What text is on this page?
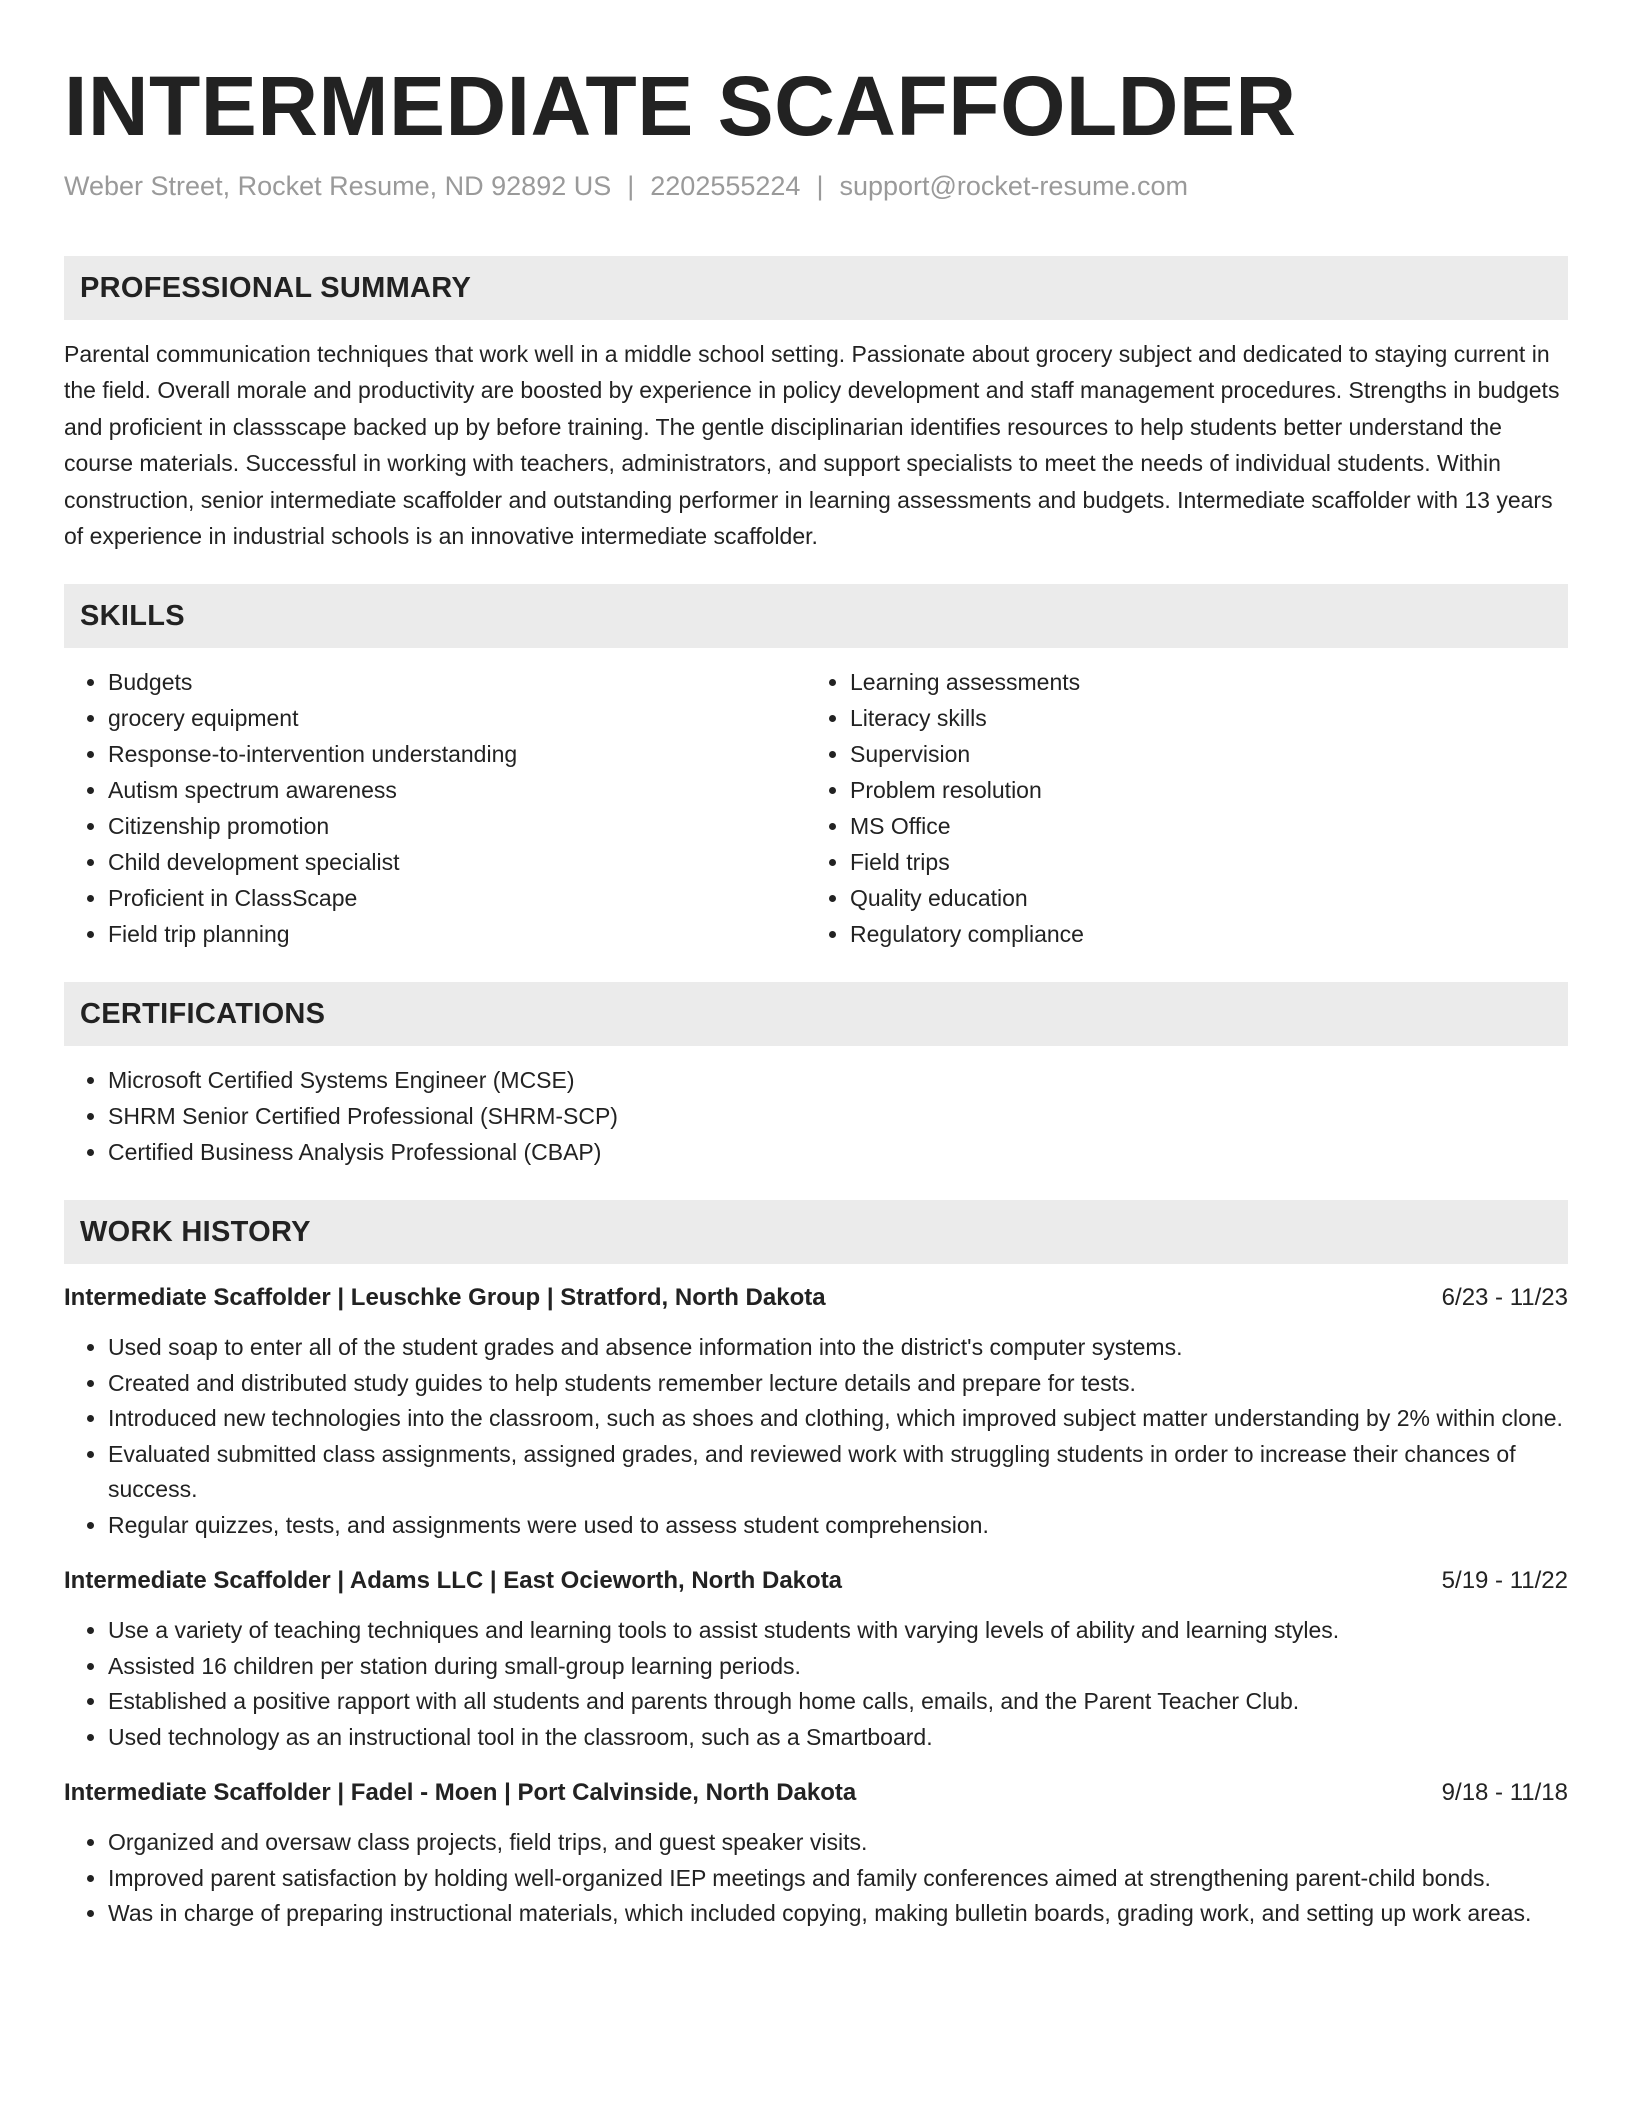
INTERMEDIATE SCAFFOLDER
Weber Street, Rocket Resume, ND 92892 US | 2202555224 | support@rocket-resume.com
PROFESSIONAL SUMMARY

Parental communication techniques that work well in a middle school setting. Passionate about grocery subject and dedicated to staying current in the field. Overall morale and productivity are boosted by experience in policy development and staff management procedures. Strengths in budgets and proficient in classscape backed up by before training. The gentle disciplinarian identifies resources to help students better understand the course materials. Successful in working with teachers, administrators, and support specialists to meet the needs of individual students. Within construction, senior intermediate scaffolder and outstanding performer in learning assessments and budgets. Intermediate scaffolder with 13 years of experience in industrial schools is an innovative intermediate scaffolder.

SKILLS
• Budgets
• grocery equipment
• Response-to-intervention understanding
• Autism spectrum awareness
• Citizenship promotion
• Child development specialist
• Proficient in ClassScape
• Field trip planning
• Learning assessments
• Literacy skills
• Supervision
• Problem resolution
• MS Office
• Field trips
• Quality education
• Regulatory compliance
CERTIFICATIONS
• Microsoft Certified Systems Engineer (MCSE)
• SHRM Senior Certified Professional (SHRM-SCP)
• Certified Business Analysis Professional (CBAP)
WORK HISTORY
Intermediate Scaffolder | Leuschke Group | Stratford, North Dakota	6/23 - 11/23
• Used soap to enter all of the student grades and absence information into the district's computer systems.
• Created and distributed study guides to help students remember lecture details and prepare for tests.
• Introduced new technologies into the classroom, such as shoes and clothing, which improved subject matter understanding by 2% within clone.
• Evaluated submitted class assignments, assigned grades, and reviewed work with struggling students in order to increase their chances of success.
• Regular quizzes, tests, and assignments were used to assess student comprehension.
Intermediate Scaffolder | Adams LLC | East Ocieworth, North Dakota	5/19 - 11/22
• Use a variety of teaching techniques and learning tools to assist students with varying levels of ability and learning styles.
• Assisted 16 children per station during small-group learning periods.
• Established a positive rapport with all students and parents through home calls, emails, and the Parent Teacher Club.
• Used technology as an instructional tool in the classroom, such as a Smartboard.
Intermediate Scaffolder | Fadel - Moen | Port Calvinside, North Dakota	9/18 - 11/18
• Organized and oversaw class projects, field trips, and guest speaker visits.
• Improved parent satisfaction by holding well-organized IEP meetings and family conferences aimed at strengthening parent-child bonds.
• Was in charge of preparing instructional materials, which included copying, making bulletin boards, grading work, and setting up work areas.
